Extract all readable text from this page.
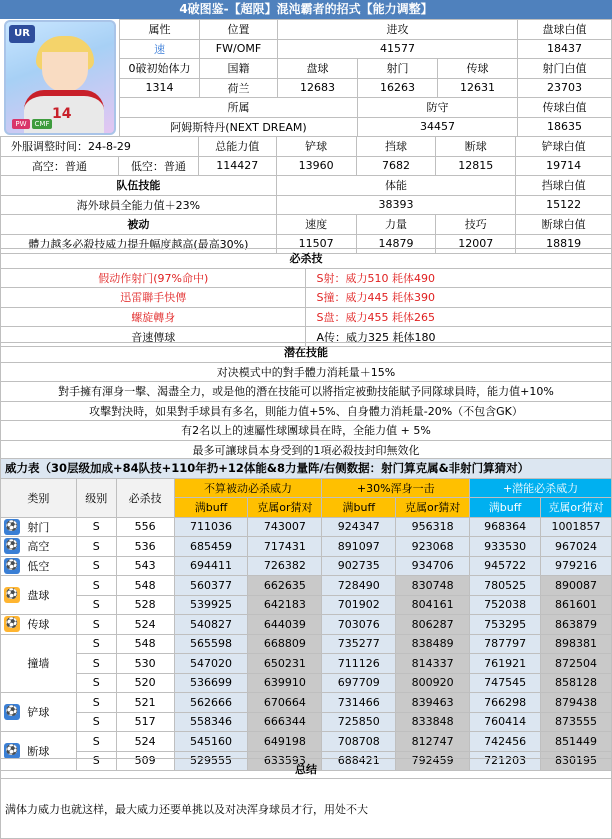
4破图鉴-【超限】混沌霸者的招式【能力调整】
UR
14
PW	CMF
属性	位置	进攻			盘球白值
速	FW/OMF	41577			18437
0破初始体力	国籍	盘球	射门	传球	射门白值
1314	荷兰	12683	16263	12631	23703
所属			防守		传球白值
阿姆斯特丹(NEXT DREAM)			34457		18635
外服调整时间：24-8-29		总能力值	铲球	挡球	断球	铲球白值
高空：普通	低空：普通	114427	13960	7682	12815	19714
队伍技能			体能			挡球白值
海外球員全能力值＋23%			38393			15122
被动			速度	力量	技巧	断球白值
體力越多必殺技威力提升幅度越高(最高30%)			11507	14879	12007	18819
必杀技	
假动作射门(97%命中)	S射：威力510 耗体490
迅雷聯手快傳	S撞：威力445 耗体390
螺旋轉身	S盘：威力455 耗体265
音速傳球	A传：威力325 耗体180
潜在技能
对决模式中的對手體力消耗量＋15%
對手擁有渾身一擊、渴盡全力，或是他的潛在技能可以將指定被動技能賦予同隊球員時，能力值+10%
攻擊對決時，如果對手球員有多名，則能力值+5%、自身體力消耗量-20%（不包含GK）
有2名以上的速屬性球團球員在時，全能力值 + 5%
最多可讓球員本身受到的1項必殺技封印無效化
威力表（30层级加成+84队技+110年扔+12体能&8力量阵/右侧数据：射门算克属&非射门算猜对）								
类别	级别	必杀技	不算被动必杀威力		+30%浑身一击		+潜能必杀威力	
			满buff	克属or猜对	满buff	克属or猜对	满buff	克属or猜对

⚽ 射门	S	556	711036	743007	924347	956318	968364	1001857

⚽ 高空	S	536	685459	717431	891097	923068	933530	967024

⚽ 低空	S	543	694411	726382	902735	934706	945722	979216

⚽ 盘球	S	548	560377	662635	728490	830748	780525	890087
	S	528	539925	642183	701902	804161	752038	861601

⚽ 传球	S	524	540827	644039	703076	806287	753295	863879
撞墙	S	548	565598	668809	735277	838489	787797	898381
	S	530	547020	650231	711126	814337	761921	872504
	S	520	536699	639910	697709	800920	747545	858128

⚽ 铲球	S	521	562666	670664	731466	839463	766298	879438
	S	517	558346	666344	725850	833848	760414	873555

⚽ 断球	S	524	545160	649198	708708	812747	742456	851449
	S	509	529555	633593	688421	792459	721203	830195
总结
满体力威力也就这样，最大威力还要单挑以及对决浑身球员才行，用处不大
